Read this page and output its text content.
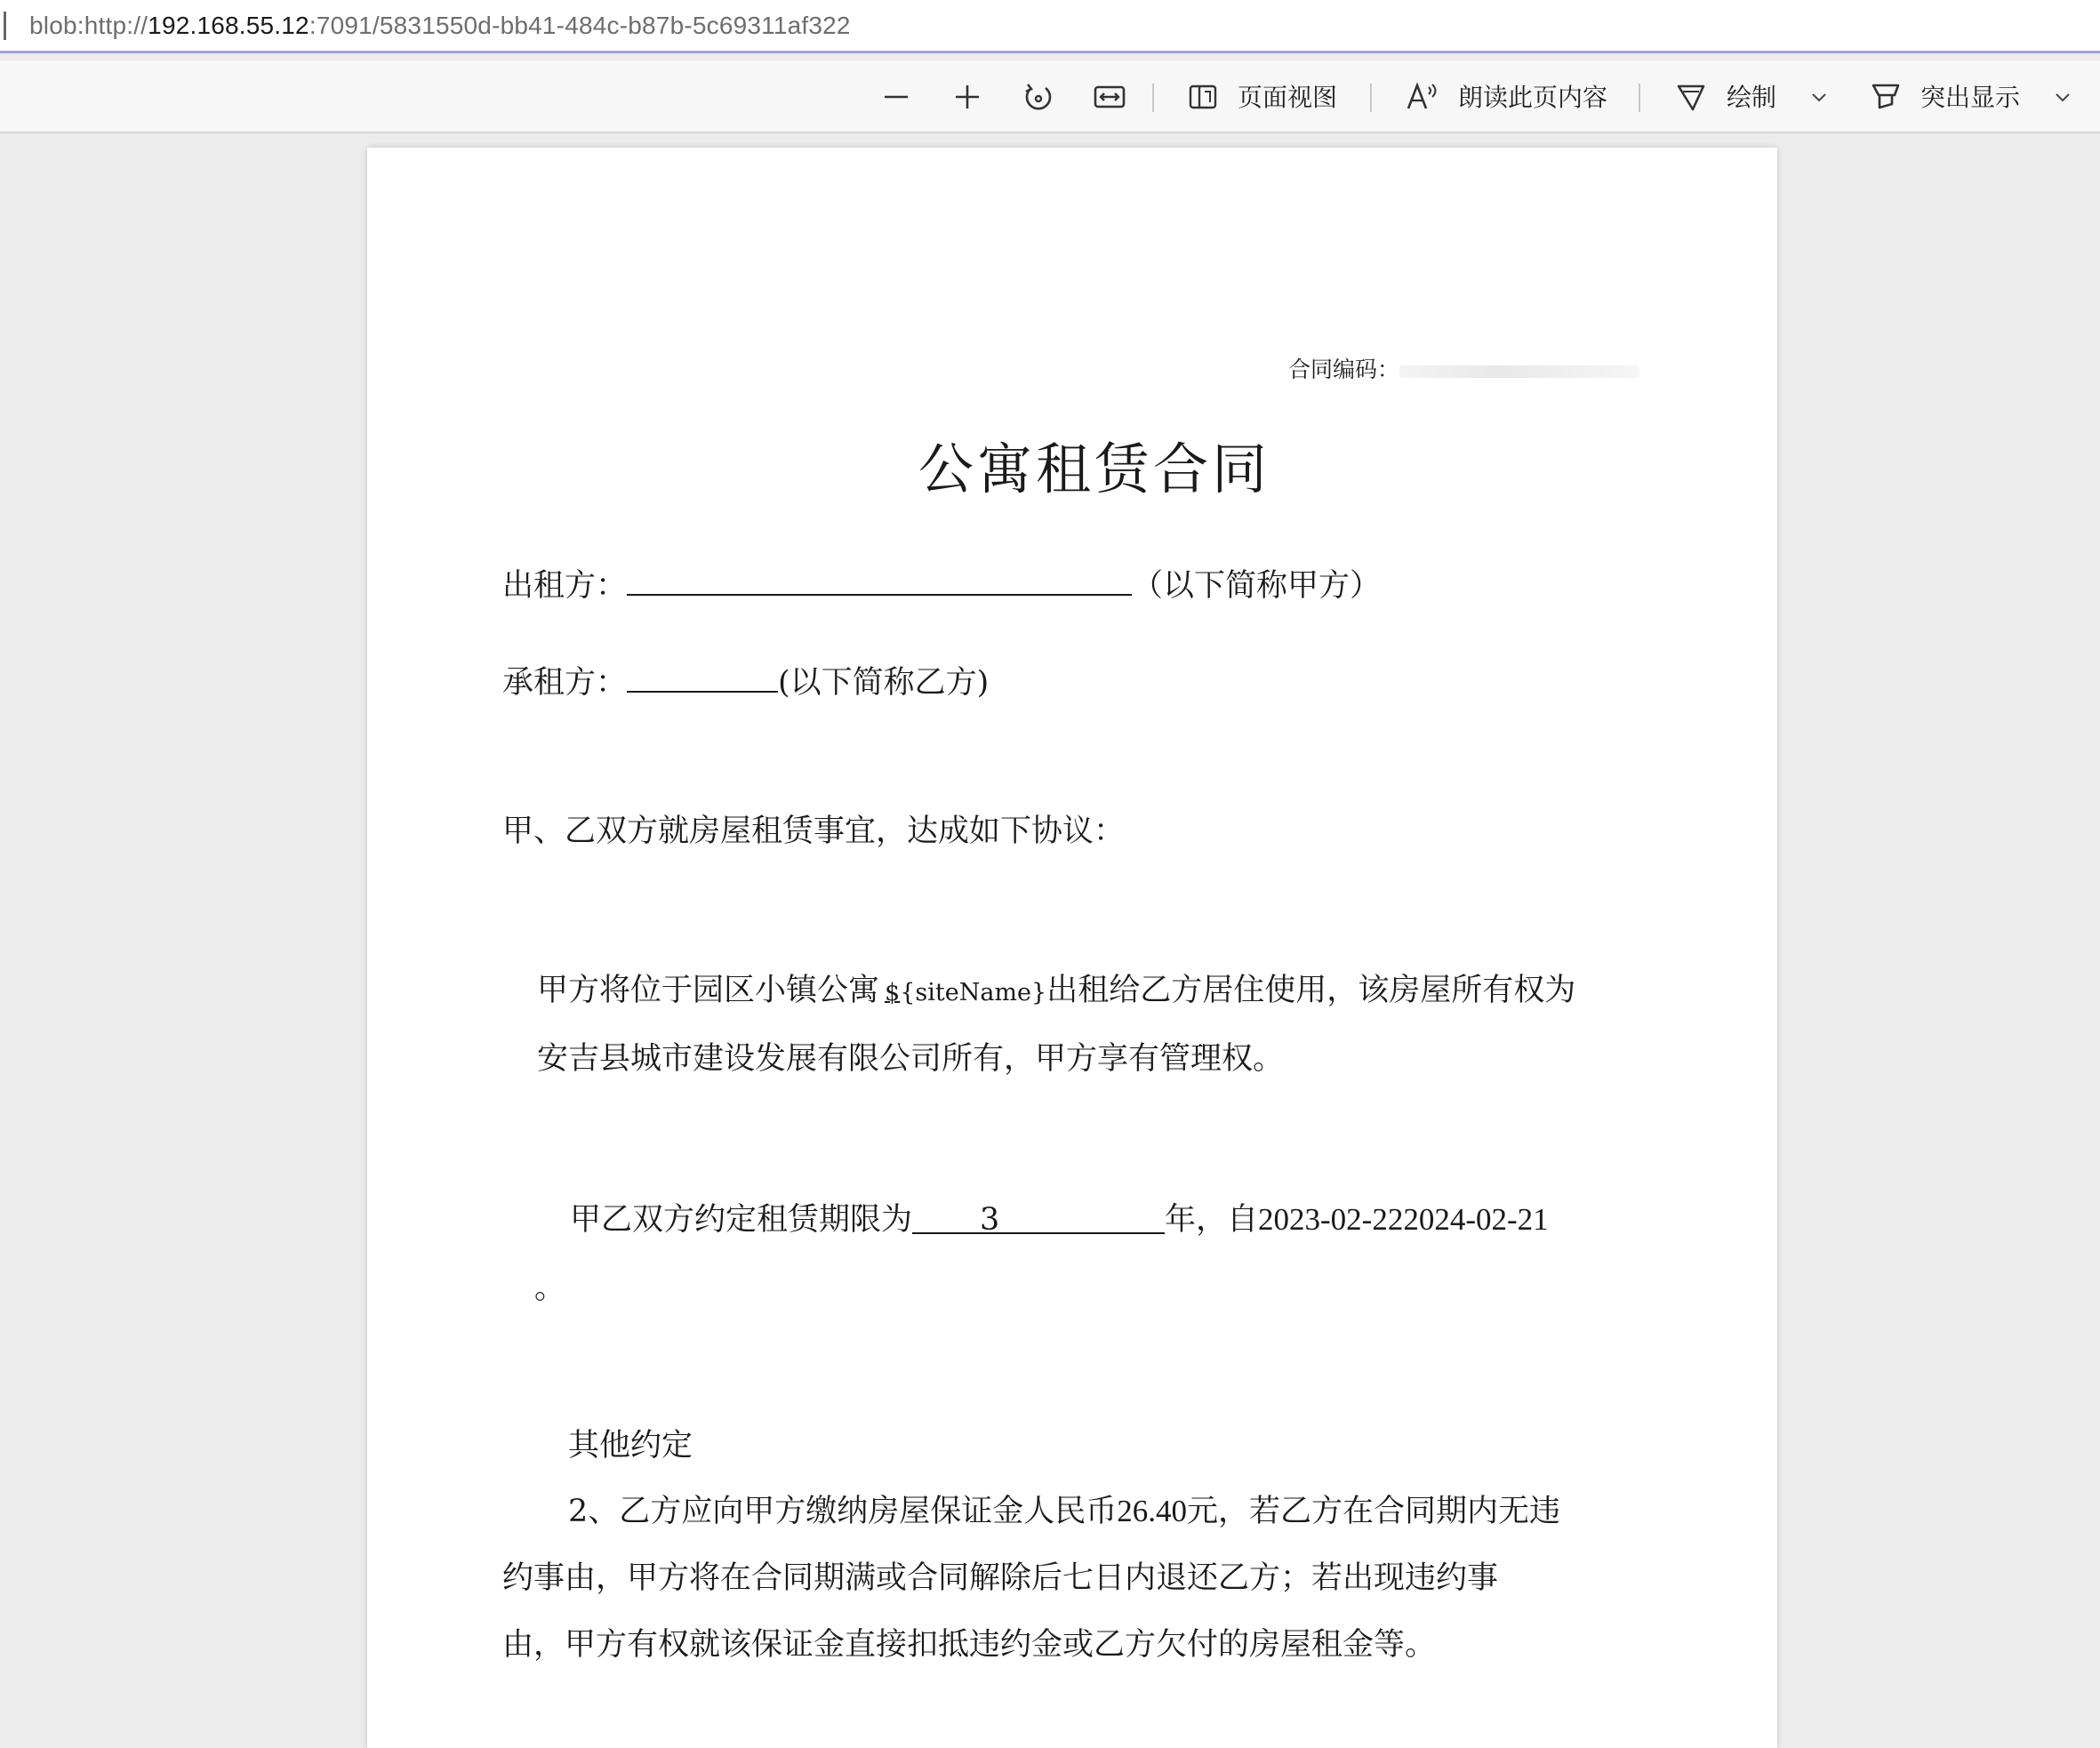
blob:http://192.168.55.12:7091/5831550d-bb41-484c-b87b-5c69311af322
页面视图	朗读此页内容	绘制	突出显示
合同编码：
公寓租赁合同
出租方：	（以下简称甲方）
承租方：	(以下简称乙方)
甲、乙双方就房屋租赁事宜，达成如下协议：
甲方将位于园区小镇公寓 ${siteName}出租给乙方居住使用，该房屋所有权为
安吉县城市建设发展有限公司所有，甲方享有管理权。
甲乙双方约定租赁期限为 3	年，自2023-02-222024-02-21
。
其他约定
2、乙方应向甲方缴纳房屋保证金人民币26.40元，若乙方在合同期内无违
约事由，甲方将在合同期满或合同解除后七日内退还乙方；若出现违约事
由，甲方有权就该保证金直接扣抵违约金或乙方欠付的房屋租金等。
